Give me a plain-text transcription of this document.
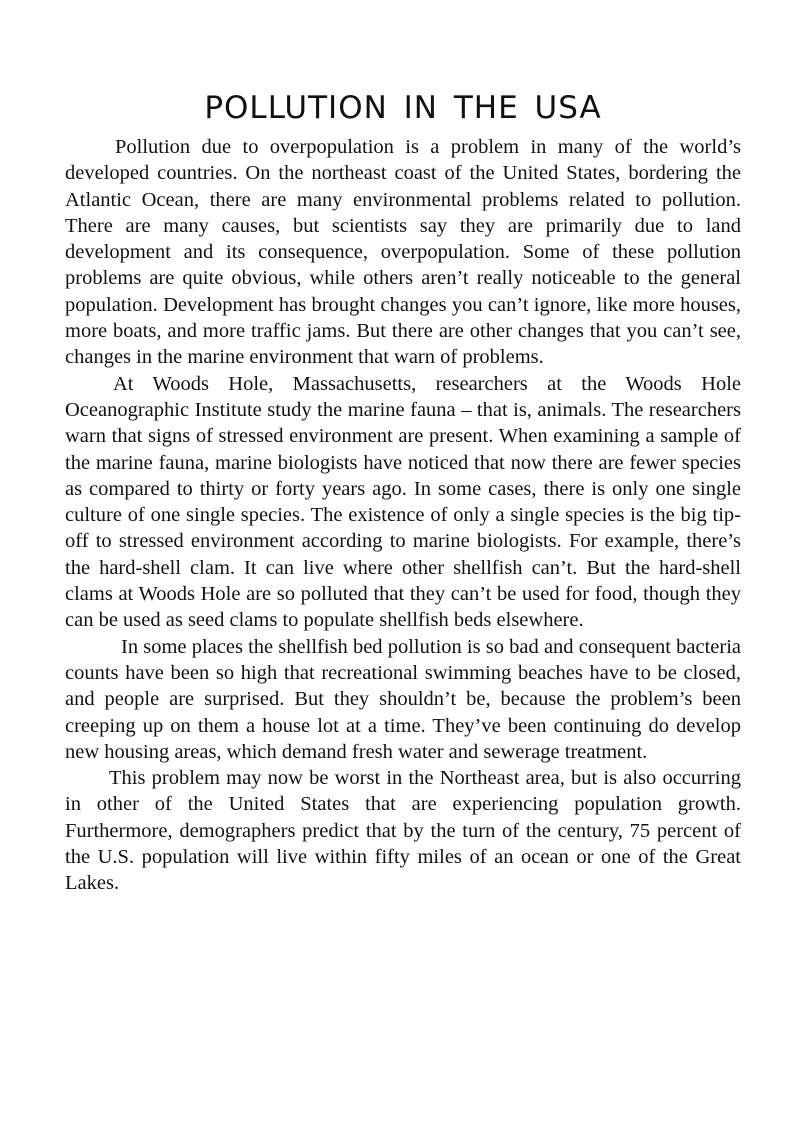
POLLUTION IN THE USA

Pollution due to overpopulation is a problem in many of the world’s developed countries. On the northeast coast of the United States, bordering the Atlantic Ocean, there are many environmental problems related to pollution. There are many causes, but scientists say they are primarily due to land development and its consequence, overpopulation. Some of these pollution problems are quite obvious, while others aren’t really noticeable to the general population. Development has brought changes you can’t ignore, like more houses, more boats, and more traffic jams. But there are other changes that you can’t see, changes in the marine environment that warn of problems.

At Woods Hole, Massachusetts, researchers at the Woods Hole Oceanographic Institute study the marine fauna – that is, animals. The researchers warn that signs of stressed environment are present. When examining a sample of the marine fauna, marine biologists have noticed that now there are fewer species as compared to thirty or forty years ago. In some cases, there is only one single culture of one single species. The existence of only a single species is the big tip-off to stressed environment according to marine biologists. For example, there’s the hard-shell clam. It can live where other shellfish can’t. But the hard-shell clams at Woods Hole are so polluted that they can’t be used for food, though they can be used as seed clams to populate shellfish beds elsewhere.

In some places the shellfish bed pollution is so bad and consequent bacteria counts have been so high that recreational swimming beaches have to be closed, and people are surprised. But they shouldn’t be, because the problem’s been creeping up on them a house lot at a time. They’ve been continuing do develop new housing areas, which demand fresh water and sewerage treatment.

This problem may now be worst in the Northeast area, but is also occurring in other of the United States that are experiencing population growth. Furthermore, demographers predict that by the turn of the century, 75 percent of the U.S. population will live within fifty miles of an ocean or one of the Great Lakes.
